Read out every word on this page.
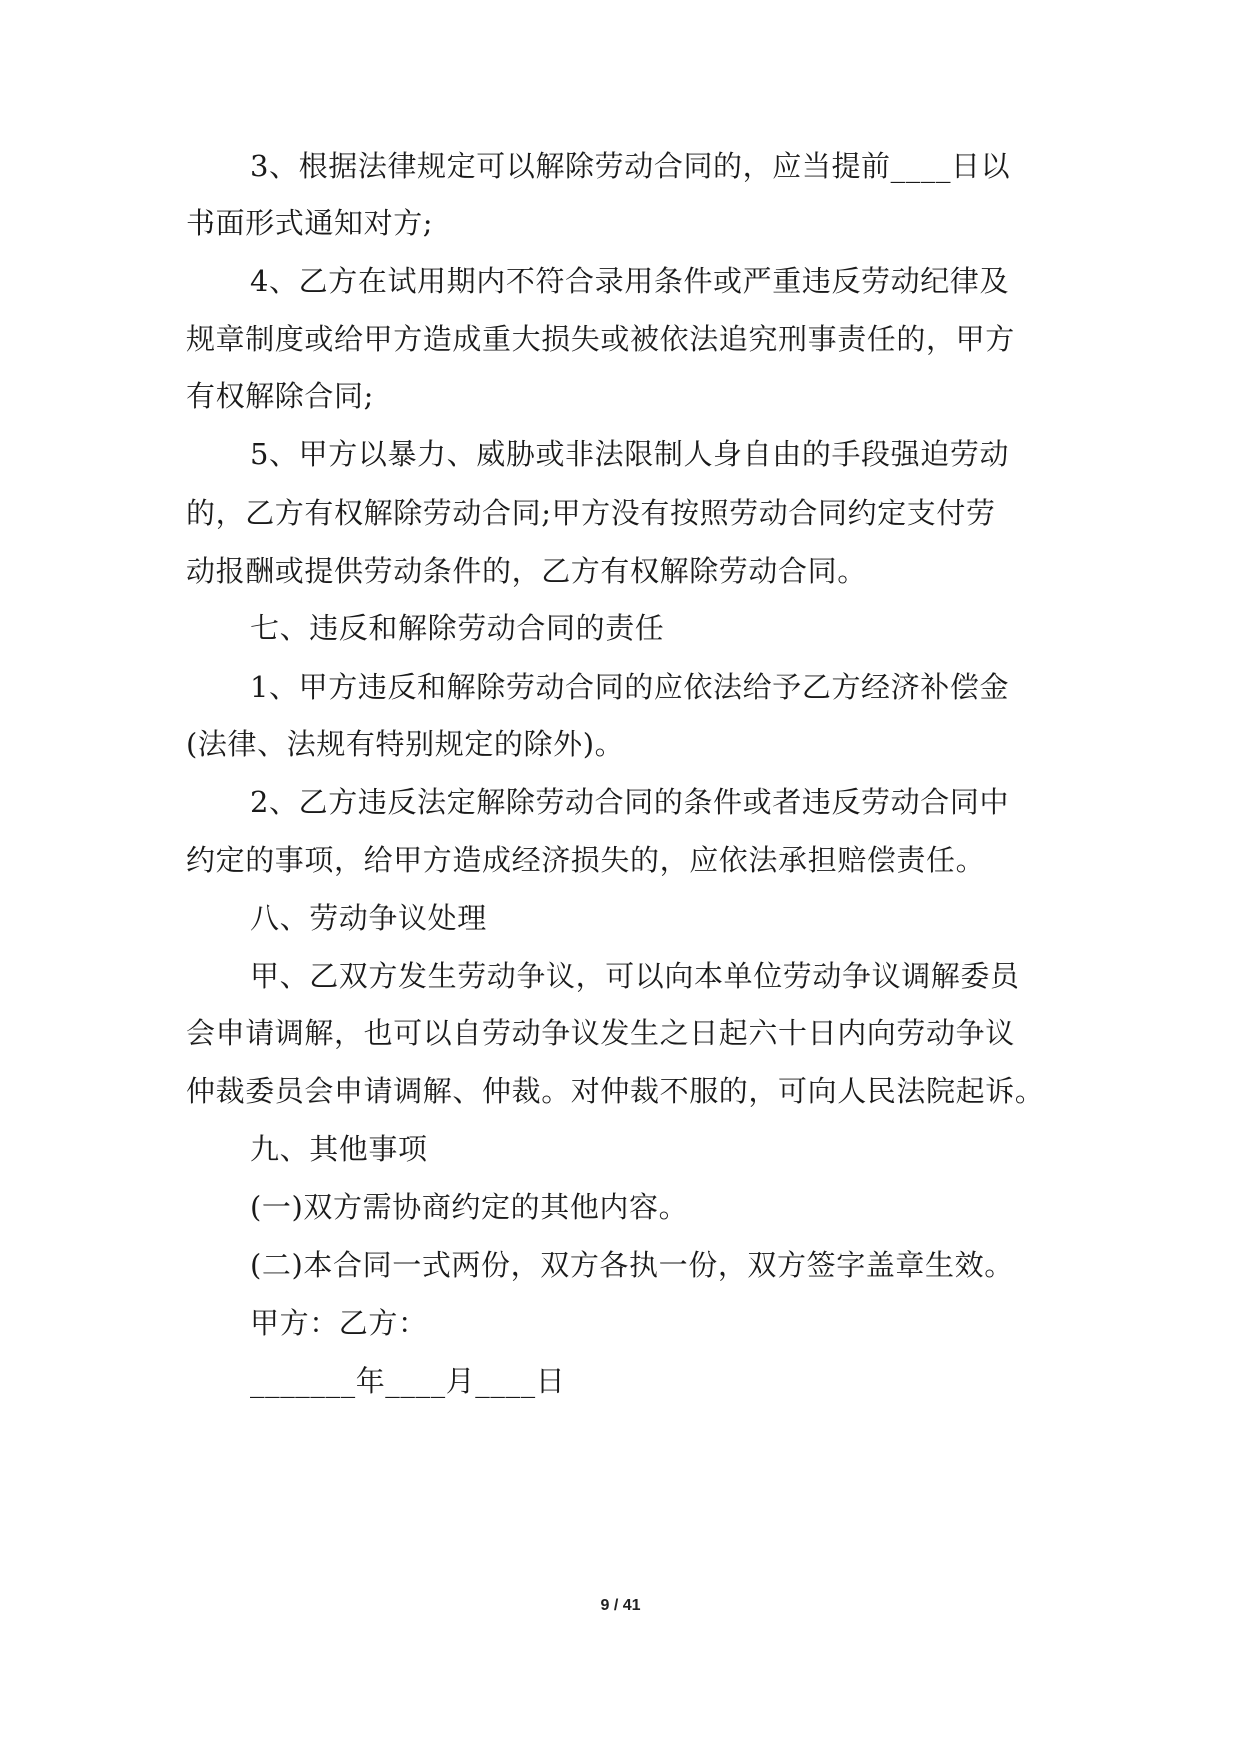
3、根据法律规定可以解除劳动合同的，应当提前____日以
书面形式通知对方;
4、乙方在试用期内不符合录用条件或严重违反劳动纪律及
规章制度或给甲方造成重大损失或被依法追究刑事责任的，甲方
有权解除合同;
5、甲方以暴力、威胁或非法限制人身自由的手段强迫劳动
的，乙方有权解除劳动合同;甲方没有按照劳动合同约定支付劳
动报酬或提供劳动条件的，乙方有权解除劳动合同。
七、违反和解除劳动合同的责任
1、甲方违反和解除劳动合同的应依法给予乙方经济补偿金
(法律、法规有特别规定的除外)。
2、乙方违反法定解除劳动合同的条件或者违反劳动合同中
约定的事项，给甲方造成经济损失的，应依法承担赔偿责任。
八、劳动争议处理
甲、乙双方发生劳动争议，可以向本单位劳动争议调解委员
会申请调解，也可以自劳动争议发生之日起六十日内向劳动争议
仲裁委员会申请调解、仲裁。对仲裁不服的，可向人民法院起诉。
九、其他事项
(一)双方需协商约定的其他内容。
(二)本合同一式两份，双方各执一份，双方签字盖章生效。
甲方：乙方：
_______年____月____日
9 / 41
